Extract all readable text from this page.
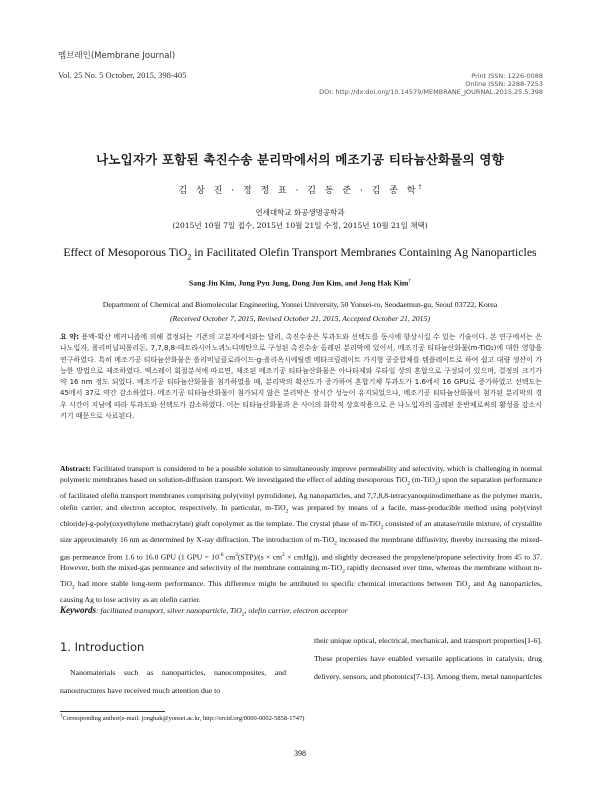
멤브레인(Membrane Journal)
Vol. 25 No. 5 October, 2015, 398-405	Print ISSN: 1226-0088
Online ISSN: 2288-7253
DOI: http://dx.doi.org/10.14579/MEMBRANE_JOURNAL.2015.25.5.398
나노입자가 포함된 촉진수송 분리막에서의 메조기공 티타늄산화물의 영향
김 상 진 · 정 정 표 · 김 동 준 · 김 종 학†
연세대학교 화공생명공학과
(2015년 10월 7일 접수, 2015년 10월 21일 수정, 2015년 10월 21일 채택)
Effect of Mesoporous TiO$_2$ in Facilitated Olefin Transport Membranes Containing Ag Nanoparticles
Sang Jin Kim, Jung Pyu Jung, Dong Jun Kim, and Jong Hak Kim†
Department of Chemical and Biomolecular Engineering, Yonsei University, 50 Yonsei-ro, Seodaemun-gu, Seoul 03722, Korea
(Received October 7, 2015, Revised October 21, 2015, Accepted October 21, 2015)
요 약: 용액-확산 메커니즘에 의해 결정되는 기존의 고분자에서와는 달리, 촉진수송은 투과도와 선택도를 동시에 향상시킬 수 있는 기술이다. 본 연구에서는 은 나노입자, 폴리비닐피롤리돈, 7,7,8,8-테트라시아노퀴노디메탄으로 구성된 촉진수송 올레핀 분리막에 있어서, 메조기공 티타늄산화물(m-TiO₂)에 대한 영향을 연구하였다. 특히 메조기공 티타늄산화물은 폴리비닐클로라이드-g-폴리옥시에틸렌 메타크릴레이트 가지형 공중합체를 템플레이트로 하여 쉽고 대량 생산이 가능한 방법으로 제조하였다. 엑스레이 회절분석에 따르면, 제조된 메조기공 티타늄산화물은 아나타제와 루타일 상의 혼합으로 구성되어 있으며, 결정의 크기가 약 16 nm 정도 되었다. 메조기공 티타늄산화물을 첨가하였을 때, 분리막의 확산도가 증가하여 혼합기체 투과도가 1.6에서 16 GPU로 증가하였고 선택도는 45에서 37로 약간 감소하였다. 메조기공 티타늄산화물이 첨가되지 않은 분리막은 장시간 성능이 유지되었으나, 메조기공 티타늄산화물이 첨가된 분리막의 경우 시간이 지남에 따라 투과도와 선택도가 감소하였다. 이는 티타늄산화물과 은 사이의 화학적 상호작용으로 은 나노입자의 올레핀 운반체로써의 활성을 감소시키기 때문으로 사료된다.
Abstract: Facilitated transport is considered to be a possible solution to simultaneously improve permeability and selectivity, which is challenging in normal polymeric membranes based on solution-diffusion transport. We investigated the effect of adding mesoporous TiO$_2$ (m-TiO$_2$) upon the separation performance of facilitated olefin transport membranes comprising poly(vinyl pyrrolidone), Ag nanoparticles, and 7,7,8,8-tetracyanoquinodimethane as the polymer matrix, olefin carrier, and electron acceptor, respectively. In particular, m-TiO$_2$ was prepared by means of a facile, mass-producible method using poly(vinyl chloride)-g-poly(oxyethylene methacrylate) graft copolymer as the template. The crystal phase of m-TiO$_2$ consisted of an anatase/rutile mixture, of crystallite size approximately 16 nm as determined by X-ray diffraction. The introduction of m-TiO$_2$ increased the membrane diffusivity, thereby increasing the mixed-gas permeance from 1.6 to 16.0 GPU (1 GPU = $10^{-6}$ $cm^3(STP)/(s \times cm^2$ × cmHg)), and slightly decreased the propylene/propane selectivity from 45 to 37. However, both the mixed-gas permeance and selectivity of the membrane containing m-TiO$_2$ rapidly decreased over time, whereas the membrane without m-TiO$_2$ had more stable long-term performance. This difference might be attributed to specific chemical interactions between TiO$_2$ and Ag nanoparticles, causing Ag to lose activity as an olefin carrier.
Keywords: facilitated transport, silver nanoparticle, TiO$_2$, olefin carrier, electron acceptor
1. Introduction
Nanomaterials such as nanoparticles, nanocomposites, and nanostructures have received much attention due to
their unique optical, electrical, mechanical, and transport properties[1-6]. These properties have enabled versatile applications in catalysis, drug delivery, sensors, and photonics[7-13]. Among them, metal nanoparticles
†Corresponding author(e-mail: jonghak@yonsei.ac.kr, http://orcid.org/0000-0002-5858-1747)
398
